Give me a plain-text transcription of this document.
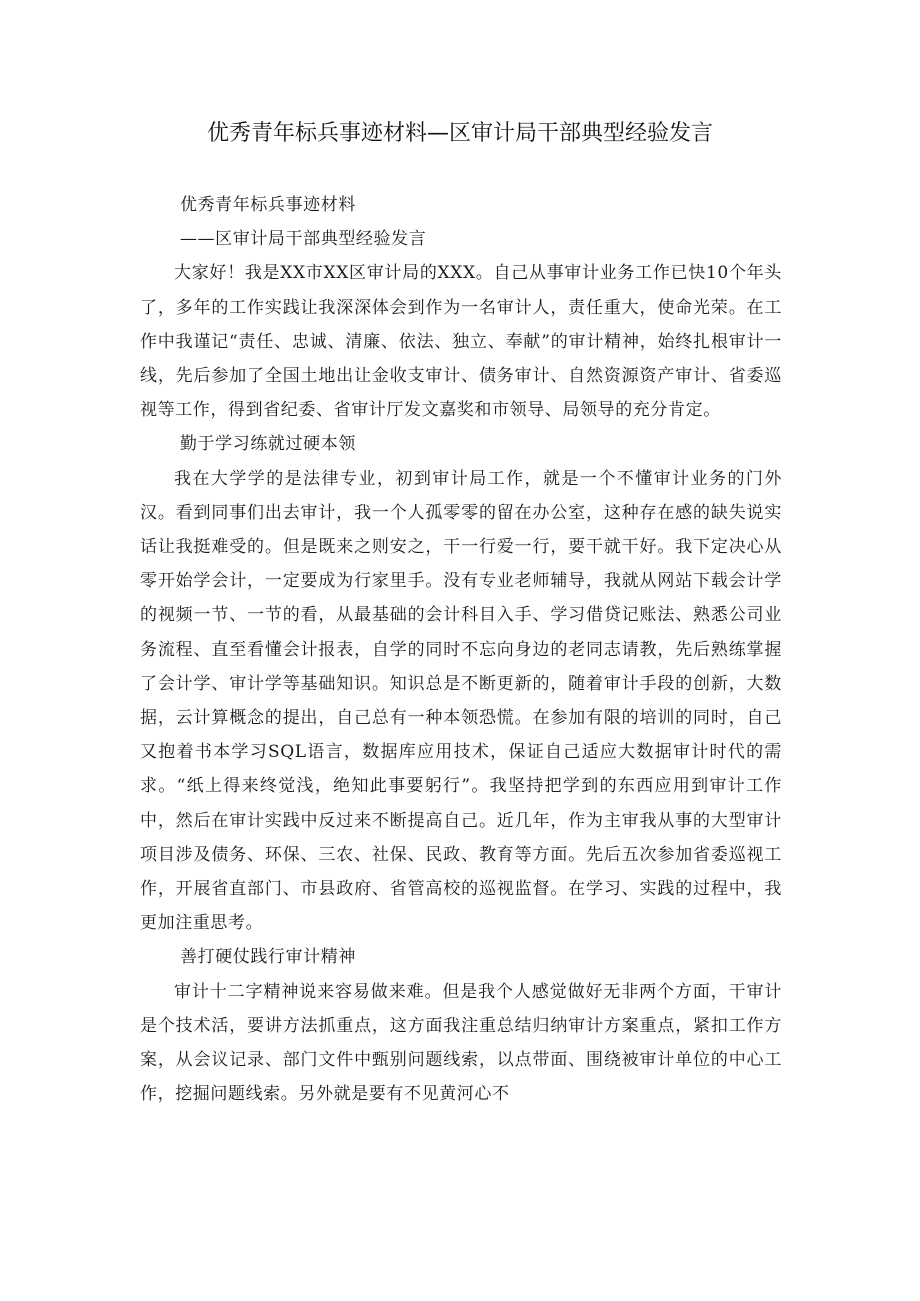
优秀青年标兵事迹材料—区审计局干部典型经验发言

优秀青年标兵事迹材料

——区审计局干部典型经验发言

大家好！我是XX市XX区审计局的XXX。自己从事审计业务工作已快10个年头了，多年的工作实践让我深深体会到作为一名审计人，责任重大，使命光荣。在工作中我谨记“责任、忠诚、清廉、依法、独立、奉献”的审计精神，始终扎根审计一线，先后参加了全国土地出让金收支审计、债务审计、自然资源资产审计、省委巡视等工作，得到省纪委、省审计厅发文嘉奖和市领导、局领导的充分肯定。

勤于学习练就过硬本领

我在大学学的是法律专业，初到审计局工作，就是一个不懂审计业务的门外汉。看到同事们出去审计，我一个人孤零零的留在办公室，这种存在感的缺失说实话让我挺难受的。但是既来之则安之，干一行爱一行，要干就干好。我下定决心从零开始学会计，一定要成为行家里手。没有专业老师辅导，我就从网站下载会计学的视频一节、一节的看，从最基础的会计科目入手、学习借贷记账法、熟悉公司业务流程、直至看懂会计报表，自学的同时不忘向身边的老同志请教，先后熟练掌握了会计学、审计学等基础知识。知识总是不断更新的，随着审计手段的创新，大数据，云计算概念的提出，自己总有一种本领恐慌。在参加有限的培训的同时，自己又抱着书本学习SQL语言，数据库应用技术，保证自己适应大数据审计时代的需求。“纸上得来终觉浅，绝知此事要躬行”。我坚持把学到的东西应用到审计工作中，然后在审计实践中反过来不断提高自己。近几年，作为主审我从事的大型审计项目涉及债务、环保、三农、社保、民政、教育等方面。先后五次参加省委巡视工作，开展省直部门、市县政府、省管高校的巡视监督。在学习、实践的过程中，我更加注重思考。

善打硬仗践行审计精神

审计十二字精神说来容易做来难。但是我个人感觉做好无非两个方面，干审计是个技术活，要讲方法抓重点，这方面我注重总结归纳审计方案重点，紧扣工作方案，从会议记录、部门文件中甄别问题线索，以点带面、围绕被审计单位的中心工作，挖掘问题线索。另外就是要有不见黄河心不
